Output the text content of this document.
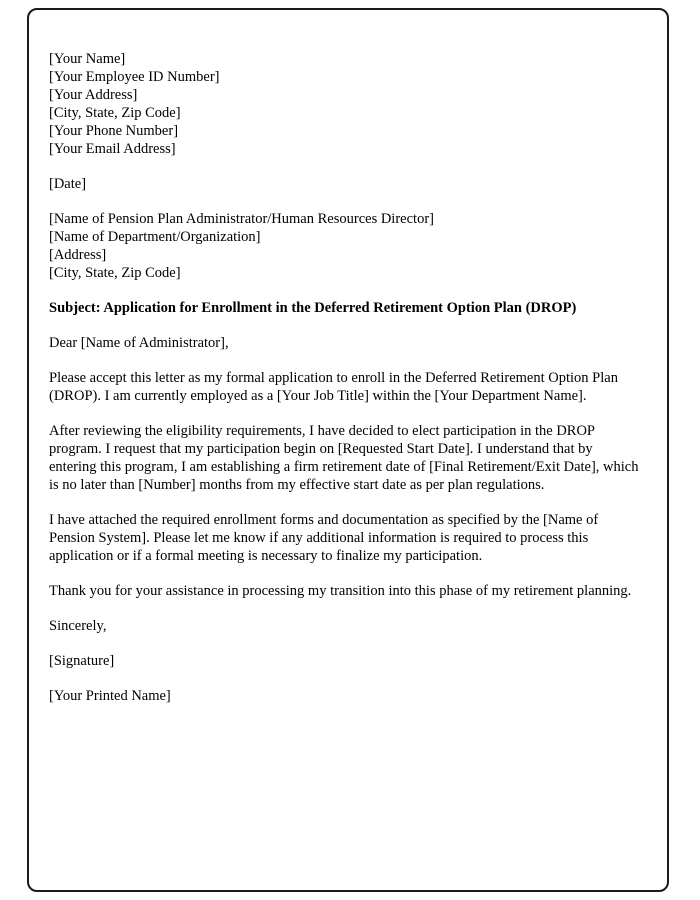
[Your Name]
[Your Employee ID Number]
[Your Address]
[City, State, Zip Code]
[Your Phone Number]
[Your Email Address]
[Date]
[Name of Pension Plan Administrator/Human Resources Director]
[Name of Department/Organization]
[Address]
[City, State, Zip Code]
Subject: Application for Enrollment in the Deferred Retirement Option Plan (DROP)
Dear [Name of Administrator],
Please accept this letter as my formal application to enroll in the Deferred Retirement Option Plan (DROP). I am currently employed as a [Your Job Title] within the [Your Department Name].
After reviewing the eligibility requirements, I have decided to elect participation in the DROP program. I request that my participation begin on [Requested Start Date]. I understand that by entering this program, I am establishing a firm retirement date of [Final Retirement/Exit Date], which is no later than [Number] months from my effective start date as per plan regulations.
I have attached the required enrollment forms and documentation as specified by the [Name of Pension System]. Please let me know if any additional information is required to process this application or if a formal meeting is necessary to finalize my participation.
Thank you for your assistance in processing my transition into this phase of my retirement planning.
Sincerely,
[Signature]
[Your Printed Name]
